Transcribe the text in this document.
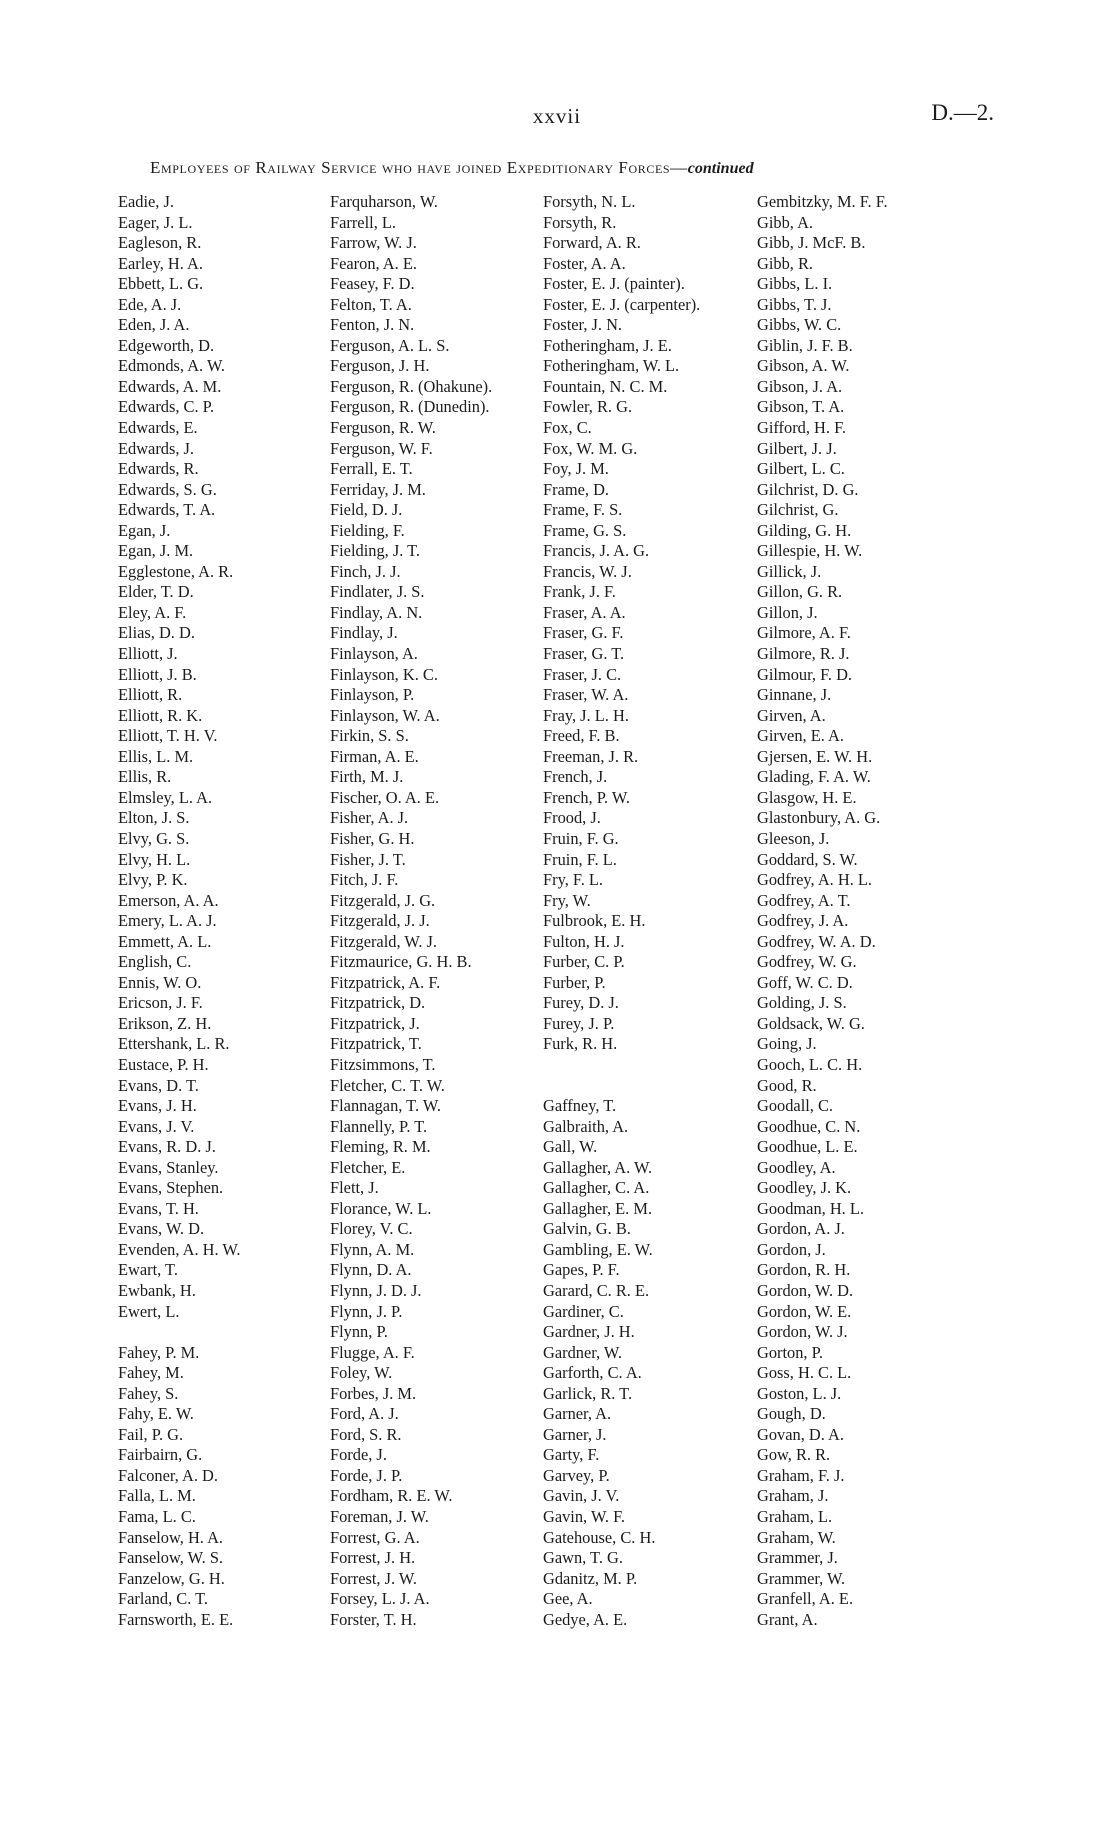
xxvii	D.—2.
Employees of Railway Service who have joined Expeditionary Forces—continued
Eadie, J.
Eager, J. L.
Eagleson, R.
Earley, H. A.
Ebbett, L. G.
Ede, A. J.
Eden, J. A.
Edgeworth, D.
Edmonds, A. W.
Edwards, A. M.
Edwards, C. P.
Edwards, E.
Edwards, J.
Edwards, R.
Edwards, S. G.
Edwards, T. A.
Egan, J.
Egan, J. M.
Egglestone, A. R.
Elder, T. D.
Eley, A. F.
Elias, D. D.
Elliott, J.
Elliott, J. B.
Elliott, R.
Elliott, R. K.
Elliott, T. H. V.
Ellis, L. M.
Ellis, R.
Elmsley, L. A.
Elton, J. S.
Elvy, G. S.
Elvy, H. L.
Elvy, P. K.
Emerson, A. A.
Emery, L. A. J.
Emmett, A. L.
English, C.
Ennis, W. O.
Ericson, J. F.
Erikson, Z. H.
Ettershank, L. R.
Eustace, P. H.
Evans, D. T.
Evans, J. H.
Evans, J. V.
Evans, R. D. J.
Evans, Stanley.
Evans, Stephen.
Evans, T. H.
Evans, W. D.
Evenden, A. H. W.
Ewart, T.
Ewbank, H.
Ewert, L.
Fahey, P. M.
Fahey, M.
Fahey, S.
Fahy, E. W.
Fail, P. G.
Fairbairn, G.
Falconer, A. D.
Falla, L. M.
Fama, L. C.
Fanselow, H. A.
Fanselow, W. S.
Fanzelow, G. H.
Farland, C. T.
Farnsworth, E. E.
Farquharson, W.
Farrell, L.
Farrow, W. J.
Fearon, A. E.
Feasey, F. D.
Felton, T. A.
Fenton, J. N.
Ferguson, A. L. S.
Ferguson, J. H.
Ferguson, R. (Ohakune).
Ferguson, R. (Dunedin).
Ferguson, R. W.
Ferguson, W. F.
Ferrall, E. T.
Ferriday, J. M.
Field, D. J.
Fielding, F.
Fielding, J. T.
Finch, J. J.
Findlater, J. S.
Findlay, A. N.
Findlay, J.
Finlayson, A.
Finlayson, K. C.
Finlayson, P.
Finlayson, W. A.
Firkin, S. S.
Firman, A. E.
Firth, M. J.
Fischer, O. A. E.
Fisher, A. J.
Fisher, G. H.
Fisher, J. T.
Fitch, J. F.
Fitzgerald, J. G.
Fitzgerald, J. J.
Fitzgerald, W. J.
Fitzmaurice, G. H. B.
Fitzpatrick, A. F.
Fitzpatrick, D.
Fitzpatrick, J.
Fitzpatrick, T.
Fitzsimmons, T.
Fletcher, C. T. W.
Flannagan, T. W.
Flannelly, P. T.
Fleming, R. M.
Fletcher, E.
Flett, J.
Florance, W. L.
Florey, V. C.
Flynn, A. M.
Flynn, D. A.
Flynn, J. D. J.
Flynn, J. P.
Flynn, P.
Flugge, A. F.
Foley, W.
Forbes, J. M.
Ford, A. J.
Ford, S. R.
Forde, J.
Forde, J. P.
Fordham, R. E. W.
Foreman, J. W.
Forrest, G. A.
Forrest, J. H.
Forrest, J. W.
Forsey, L. J. A.
Forster, T. H.
Forsyth, N. L.
Forsyth, R.
Forward, A. R.
Foster, A. A.
Foster, E. J. (painter).
Foster, E. J. (carpenter).
Foster, J. N.
Fotheringham, J. E.
Fotheringham, W. L.
Fountain, N. C. M.
Fowler, R. G.
Fox, C.
Fox, W. M. G.
Foy, J. M.
Frame, D.
Frame, F. S.
Frame, G. S.
Francis, J. A. G.
Francis, W. J.
Frank, J. F.
Fraser, A. A.
Fraser, G. F.
Fraser, G. T.
Fraser, J. C.
Fraser, W. A.
Fray, J. L. H.
Freed, F. B.
Freeman, J. R.
French, J.
French, P. W.
Frood, J.
Fruin, F. G.
Fruin, F. L.
Fry, F. L.
Fry, W.
Fulbrook, E. H.
Fulton, H. J.
Furber, C. P.
Furber, P.
Furey, D. J.
Furey, J. P.
Furk, R. H.
Gaffney, T.
Galbraith, A.
Gall, W.
Gallagher, A. W.
Gallagher, C. A.
Gallagher, E. M.
Galvin, G. B.
Gambling, E. W.
Gapes, P. F.
Garard, C. R. E.
Gardiner, C.
Gardner, J. H.
Gardner, W.
Garforth, C. A.
Garlick, R. T.
Garner, A.
Garner, J.
Garty, F.
Garvey, P.
Gavin, J. V.
Gavin, W. F.
Gatehouse, C. H.
Gawn, T. G.
Gdanitz, M. P.
Gee, A.
Gedye, A. E.
Gembitzky, M. F. F.
Gibb, A.
Gibb, J. McF. B.
Gibb, R.
Gibbs, L. I.
Gibbs, T. J.
Gibbs, W. C.
Giblin, J. F. B.
Gibson, A. W.
Gibson, J. A.
Gibson, T. A.
Gifford, H. F.
Gilbert, J. J.
Gilbert, L. C.
Gilchrist, D. G.
Gilchrist, G.
Gilding, G. H.
Gillespie, H. W.
Gillick, J.
Gillon, G. R.
Gillon, J.
Gilmore, A. F.
Gilmore, R. J.
Gilmour, F. D.
Ginnane, J.
Girven, A.
Girven, E. A.
Gjersen, E. W. H.
Glading, F. A. W.
Glasgow, H. E.
Glastonbury, A. G.
Gleeson, J.
Goddard, S. W.
Godfrey, A. H. L.
Godfrey, A. T.
Godfrey, J. A.
Godfrey, W. A. D.
Godfrey, W. G.
Goff, W. C. D.
Golding, J. S.
Goldsack, W. G.
Going, J.
Gooch, L. C. H.
Good, R.
Goodall, C.
Goodhue, C. N.
Goodhue, L. E.
Goodley, A.
Goodley, J. K.
Goodman, H. L.
Gordon, A. J.
Gordon, J.
Gordon, R. H.
Gordon, W. D.
Gordon, W. E.
Gordon, W. J.
Gorton, P.
Goss, H. C. L.
Goston, L. J.
Gough, D.
Govan, D. A.
Gow, R. R.
Graham, F. J.
Graham, J.
Graham, L.
Graham, W.
Grammer, J.
Grammer, W.
Granfell, A. E.
Grant, A.
